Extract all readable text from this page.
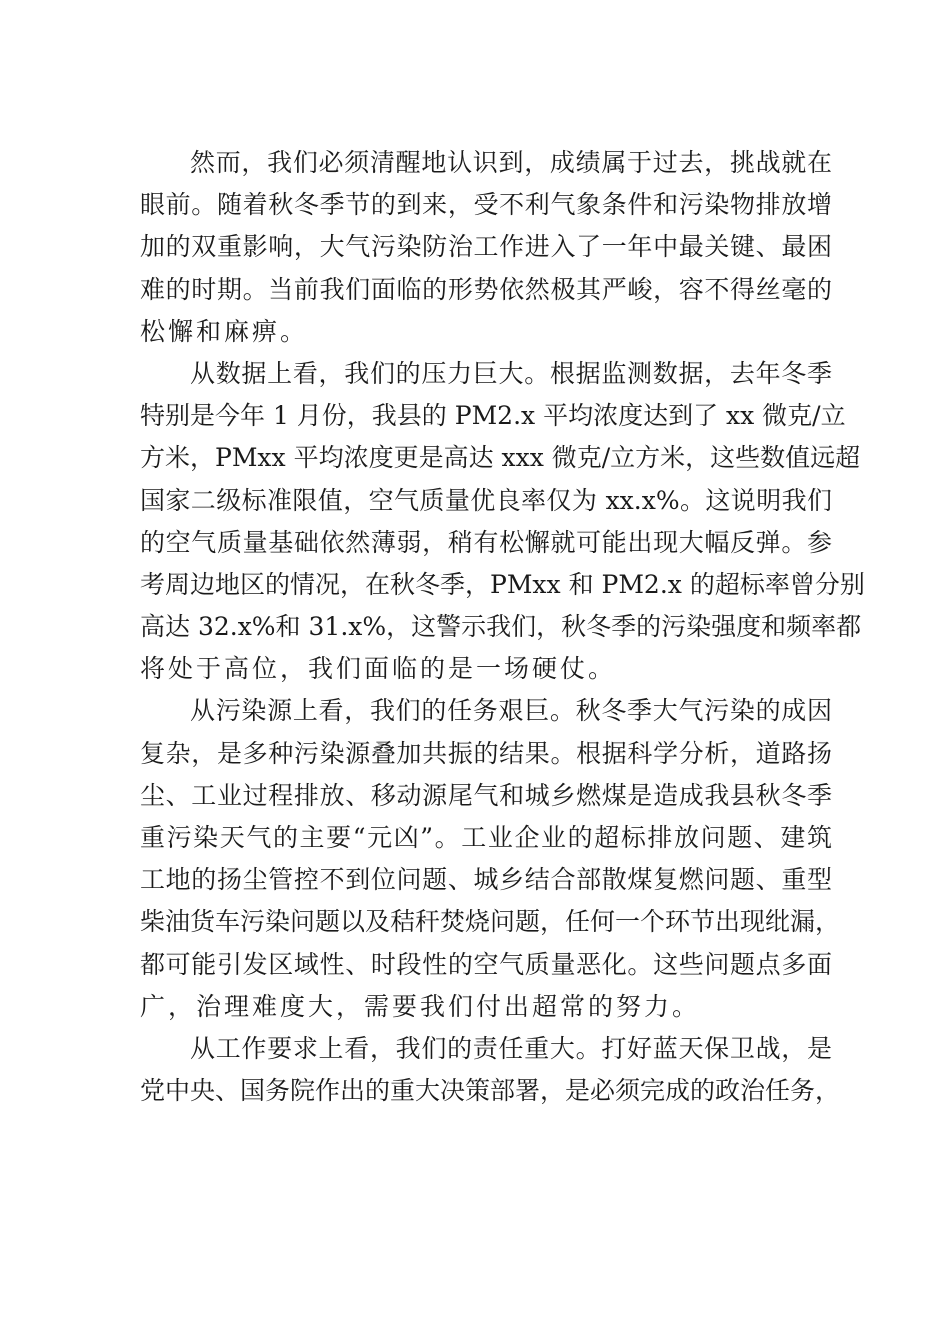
然而，我们必须清醒地认识到，成绩属于过去，挑战就在
眼前。随着秋冬季节的到来，受不利气象条件和污染物排放增
加的双重影响，大气污染防治工作进入了一年中最关键、最困
难的时期。当前我们面临的形势依然极其严峻，容不得丝毫的
松懈和麻痹。
从数据上看，我们的压力巨大。根据监测数据，去年冬季
特别是今年 1 月份，我县的 PM2.x 平均浓度达到了 xx 微克/立
方米，PMxx 平均浓度更是高达 xxx 微克/立方米，这些数值远超
国家二级标准限值，空气质量优良率仅为 xx.x%。这说明我们
的空气质量基础依然薄弱，稍有松懈就可能出现大幅反弹。参
考周边地区的情况，在秋冬季，PMxx 和 PM2.x 的超标率曾分别
高达 32.x%和 31.x%，这警示我们，秋冬季的污染强度和频率都
将处于高位，我们面临的是一场硬仗。
从污染源上看，我们的任务艰巨。秋冬季大气污染的成因
复杂，是多种污染源叠加共振的结果。根据科学分析，道路扬
尘、工业过程排放、移动源尾气和城乡燃煤是造成我县秋冬季
重污染天气的主要“元凶”。工业企业的超标排放问题、建筑
工地的扬尘管控不到位问题、城乡结合部散煤复燃问题、重型
柴油货车污染问题以及秸秆焚烧问题，任何一个环节出现纰漏，
都可能引发区域性、时段性的空气质量恶化。这些问题点多面
广，治理难度大，需要我们付出超常的努力。
从工作要求上看，我们的责任重大。打好蓝天保卫战，是
党中央、国务院作出的重大决策部署，是必须完成的政治任务，
